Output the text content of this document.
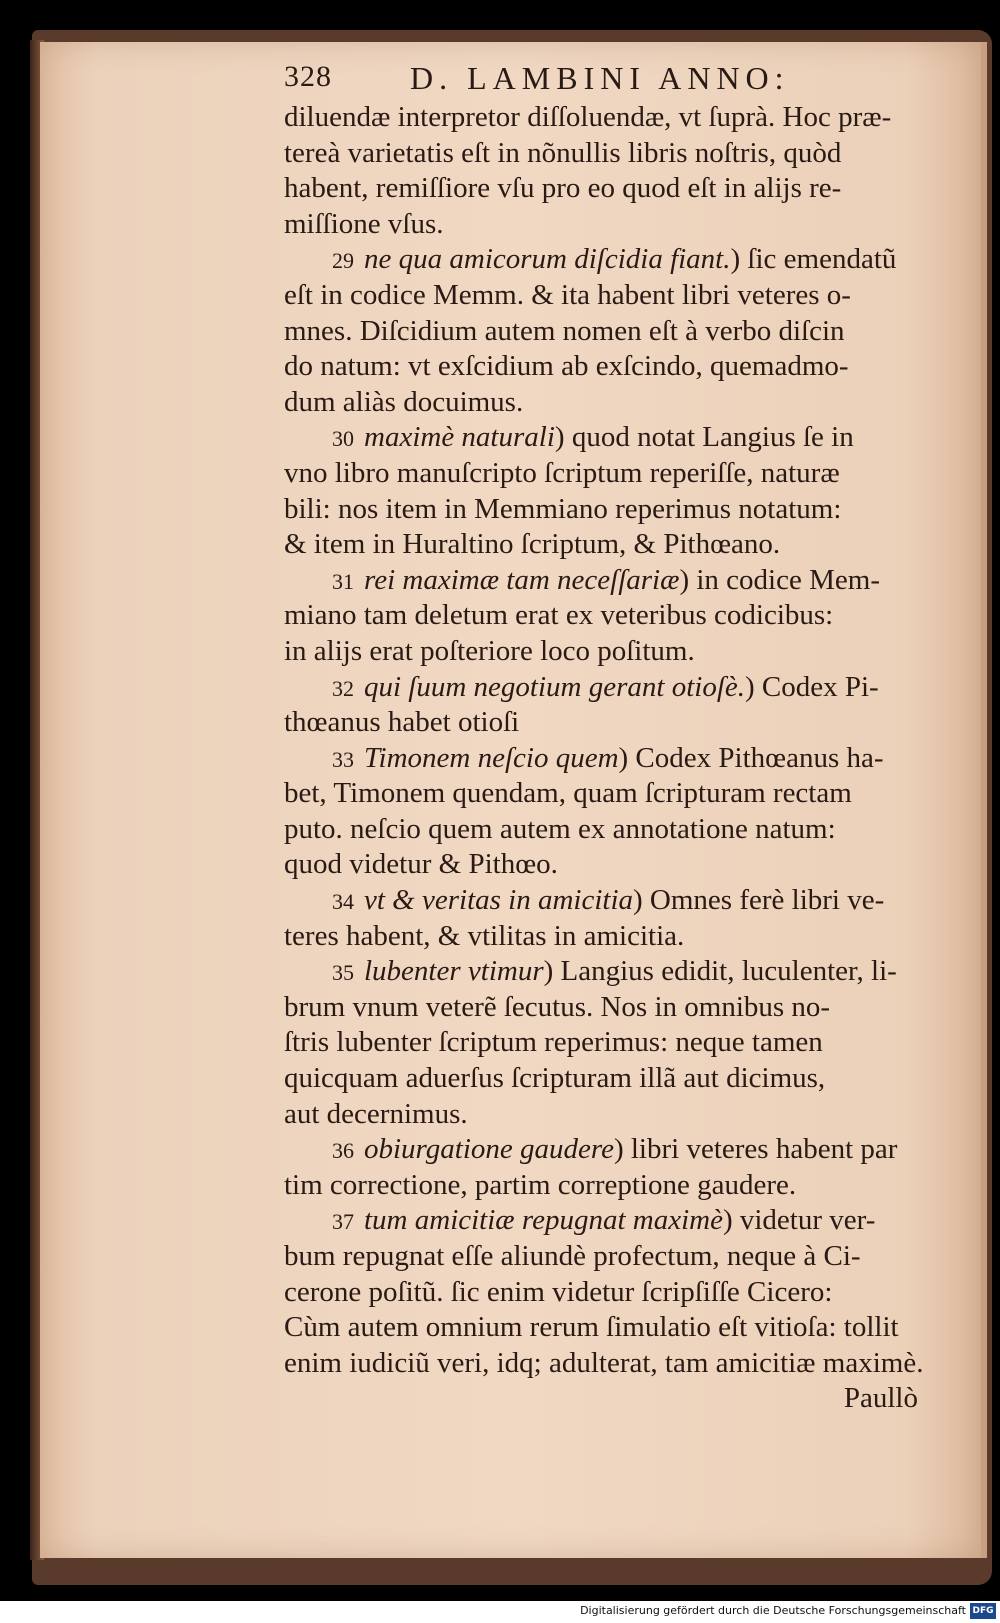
328 D. LAMBINI ANNO:
diluendæ interpretor diſſoluendæ, vt ſuprà. Hoc præ-
tereà varietatis eſt in nõnullis libris noſtris, quòd
habent, remiſſiore vſu pro eo quod eſt in alijs re-
miſſione vſus.
29 ne qua amicorum diſcidia fiant.) ſic emendatũ
eſt in codice Memm. & ita habent libri veteres o-
mnes. Diſcidium autem nomen eſt à verbo diſcin
do natum: vt exſcidium ab exſcindo, quemadmo-
dum aliàs docuimus.
30 maximè naturali) quod notat Langius ſe in
vno libro manuſcripto ſcriptum reperiſſe, naturæ
bili: nos item in Memmiano reperimus notatum:
& item in Huraltino ſcriptum, & Pithœano.
31 rei maximæ tam neceſſariæ) in codice Mem-
miano tam deletum erat ex veteribus codicibus:
in alijs erat poſteriore loco poſitum.
32 qui ſuum negotium gerant otioſè.) Codex Pi-
thœanus habet otioſi
33 Timonem neſcio quem) Codex Pithœanus ha-
bet, Timonem quendam, quam ſcripturam rectam
puto. neſcio quem autem ex annotatione natum:
quod videtur & Pithœo.
34 vt & veritas in amicitia) Omnes ferè libri ve-
teres habent, & vtilitas in amicitia.
35 lubenter vtimur) Langius edidit, luculenter, li-
brum vnum veterẽ ſecutus. Nos in omnibus no-
ſtris lubenter ſcriptum reperimus: neque tamen
quicquam aduerſus ſcripturam illã aut dicimus,
aut decernimus.
36 obiurgatione gaudere) libri veteres habent par
tim correctione, partim correptione gaudere.
37 tum amicitiæ repugnat maximè) videtur ver-
bum repugnat eſſe aliundè profectum, neque à Ci-
cerone poſitũ. ſic enim videtur ſcripſiſſe Cicero:
Cùm autem omnium rerum ſimulatio eſt vitioſa: tollit
enim iudiciũ veri, idq; adulterat, tam amicitiæ maximè.
Paullò
Digitalisierung gefördert durch die Deutsche Forschungsgemeinschaft DFG
